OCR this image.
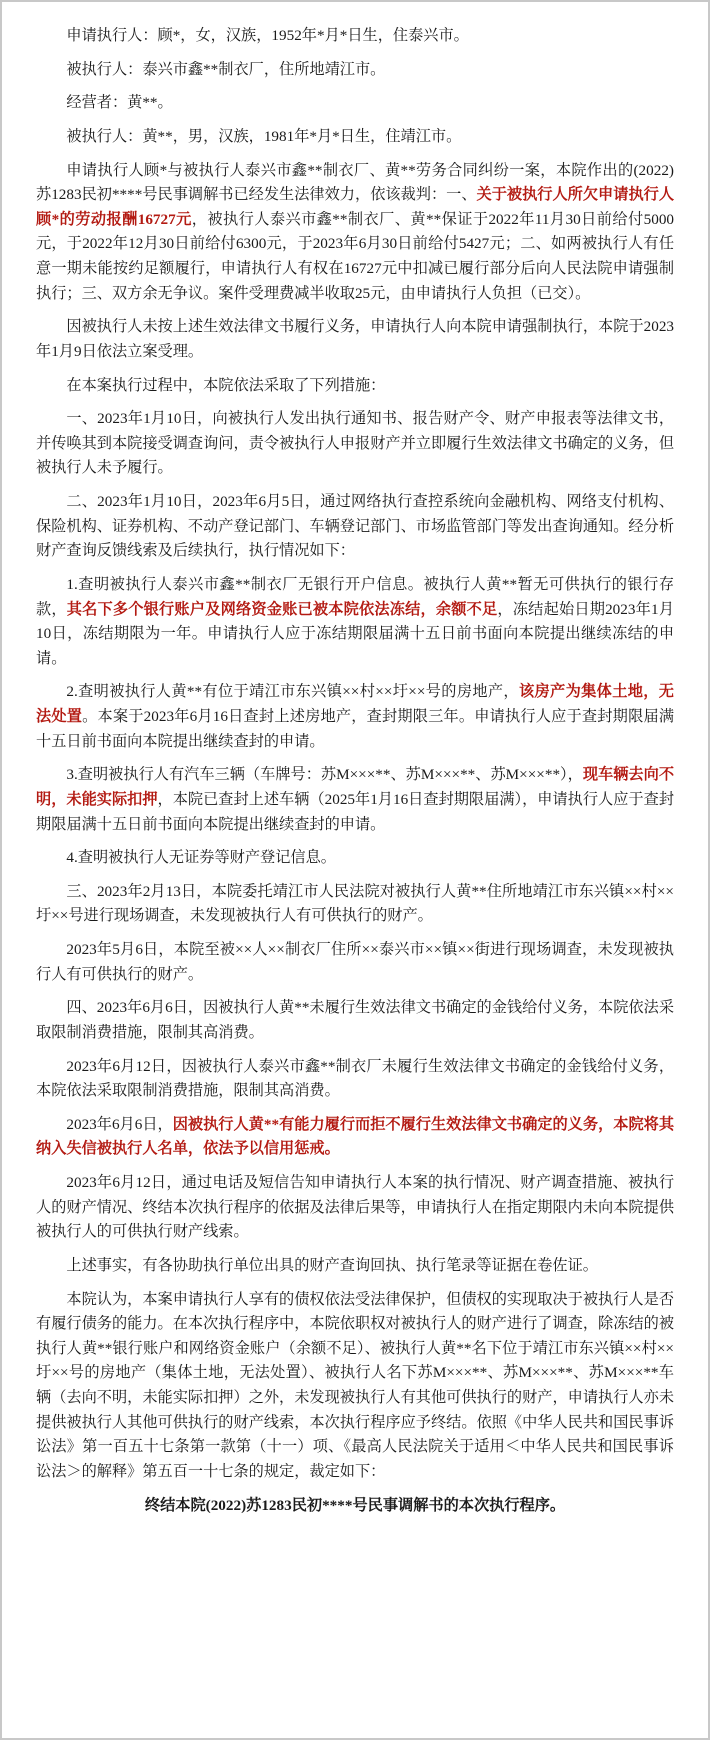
申请执行人：顾*，女，汉族，1952年*月*日生，住泰兴市。

被执行人：泰兴市鑫**制衣厂，住所地靖江市。

经营者：黄**。

被执行人：黄**，男，汉族，1981年*月*日生，住靖江市。

申请执行人顾*与被执行人泰兴市鑫**制衣厂、黄**劳务合同纠纷一案，本院作出的(2022)苏1283民初****号民事调解书已经发生法律效力，依该裁判：一、关于被执行人所欠申请执行人顾*的劳动报酬16727元，被执行人泰兴市鑫**制衣厂、黄**保证于2022年11月30日前给付5000元，于2022年12月30日前给付6300元，于2023年6月30日前给付5427元；二、如两被执行人有任意一期未能按约足额履行，申请执行人有权在16727元中扣减已履行部分后向人民法院申请强制执行；三、双方余无争议。案件受理费减半收取25元，由申请执行人负担（已交）。

因被执行人未按上述生效法律文书履行义务，申请执行人向本院申请强制执行，本院于2023年1月9日依法立案受理。

在本案执行过程中，本院依法采取了下列措施：

一、2023年1月10日，向被执行人发出执行通知书、报告财产令、财产申报表等法律文书，并传唤其到本院接受调查询问，责令被执行人申报财产并立即履行生效法律文书确定的义务，但被执行人未予履行。

二、2023年1月10日，2023年6月5日，通过网络执行查控系统向金融机构、网络支付机构、保险机构、证券机构、不动产登记部门、车辆登记部门、市场监管部门等发出查询通知。经分析财产查询反馈线索及后续执行，执行情况如下：

1.查明被执行人泰兴市鑫**制衣厂无银行开户信息。被执行人黄**暂无可供执行的银行存款，其名下多个银行账户及网络资金账已被本院依法冻结，余额不足，冻结起始日期2023年1月10日，冻结期限为一年。申请执行人应于冻结期限届满十五日前书面向本院提出继续冻结的申请。

2.查明被执行人黄**有位于靖江市东兴镇××村××圩××号的房地产，该房产为集体土地，无法处置。本案于2023年6月16日查封上述房地产，查封期限三年。申请执行人应于查封期限届满十五日前书面向本院提出继续查封的申请。

3.查明被执行人有汽车三辆（车牌号：苏М×××**、苏М×××**、苏М×××**），现车辆去向不明，未能实际扣押，本院已查封上述车辆（2025年1月16日查封期限届满），申请执行人应于查封期限届满十五日前书面向本院提出继续查封的申请。

4.查明被执行人无证券等财产登记信息。

三、2023年2月13日，本院委托靖江市人民法院对被执行人黄**住所地靖江市东兴镇××村××圩××号进行现场调查，未发现被执行人有可供执行的财产。

2023年5月6日，本院至被××人××制衣厂住所××泰兴市××镇××街进行现场调查，未发现被执行人有可供执行的财产。

四、2023年6月6日，因被执行人黄**未履行生效法律文书确定的金钱给付义务，本院依法采取限制消费措施，限制其高消费。

2023年6月12日，因被执行人泰兴市鑫**制衣厂未履行生效法律文书确定的金钱给付义务，本院依法采取限制消费措施，限制其高消费。

2023年6月6日，因被执行人黄**有能力履行而拒不履行生效法律文书确定的义务，本院将其纳入失信被执行人名单，依法予以信用惩戒。

2023年6月12日，通过电话及短信告知申请执行人本案的执行情况、财产调查措施、被执行人的财产情况、终结本次执行程序的依据及法律后果等，申请执行人在指定期限内未向本院提供被执行人的可供执行财产线索。

上述事实，有各协助执行单位出具的财产查询回执、执行笔录等证据在卷佐证。

本院认为，本案申请执行人享有的债权依法受法律保护，但债权的实现取决于被执行人是否有履行债务的能力。在本次执行程序中，本院依职权对被执行人的财产进行了调查，除冻结的被执行人黄**银行账户和网络资金账户（余额不足）、被执行人黄**名下位于靖江市东兴镇××村××圩××号的房地产（集体土地，无法处置）、被执行人名下苏М×××**、苏М×××**、苏М×××**车辆（去向不明，未能实际扣押）之外，未发现被执行人有其他可供执行的财产，申请执行人亦未提供被执行人其他可供执行的财产线索，本次执行程序应予终结。依照《中华人民共和国民事诉讼法》第一百五十七条第一款第（十一）项、《最高人民法院关于适用＜中华人民共和国民事诉讼法＞的解释》第五百一十七条的规定，裁定如下：

终结本院(2022)苏1283民初****号民事调解书的本次执行程序。
